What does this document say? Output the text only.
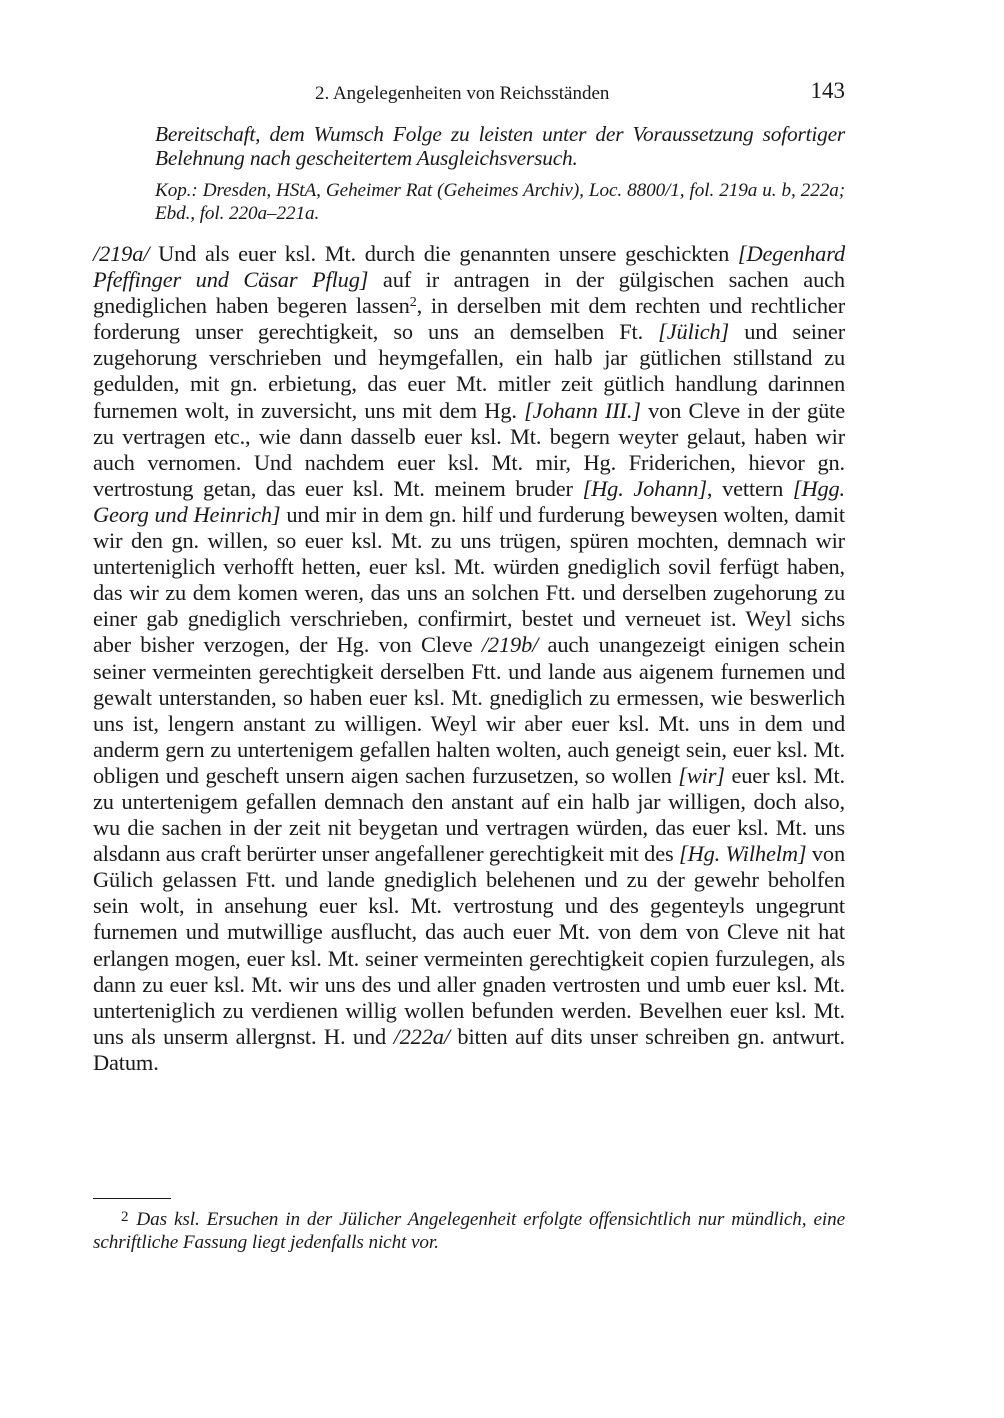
2. Angelegenheiten von Reichsständen	143
Bereitschaft, dem Wumsch Folge zu leisten unter der Voraussetzung sofortiger Belehnung nach gescheitertem Ausgleichsversuch.
Kop.: Dresden, HStA, Geheimer Rat (Geheimes Archiv), Loc. 8800/1, fol. 219a u. b, 222a; Ebd., fol. 220a–221a.
/219a/ Und als euer ksl. Mt. durch die genannten unsere geschickten [Degenhard Pfeffinger und Cäsar Pflug] auf ir antragen in der gülgischen sachen auch gnediglichen haben begeren lassen$^2$, in derselben mit dem rechten und rechtlicher forderung unser gerechtigkeit, so uns an demselben Ft. [Jülich] und seiner zugehorung verschrieben und heymgefallen, ein halb jar gütlichen stillstand zu gedulden, mit gn. erbietung, das euer Mt. mitler zeit gütlich handlung darinnen furnemen wolt, in zuversicht, uns mit dem Hg. [Johann III.] von Cleve in der güte zu vertragen etc., wie dann dasselb euer ksl. Mt. begern weyter gelaut, haben wir auch vernomen. Und nachdem euer ksl. Mt. mir, Hg. Friderichen, hievor gn. vertrostung getan, das euer ksl. Mt. meinem bruder [Hg. Johann], vettern [Hgg. Georg und Heinrich] und mir in dem gn. hilf und furderung beweysen wolten, damit wir den gn. willen, so euer ksl. Mt. zu uns trügen, spüren mochten, demnach wir unterteniglich verhofft hetten, euer ksl. Mt. würden gnediglich sovil ferfügt haben, das wir zu dem komen weren, das uns an solchen Ftt. und derselben zugehorung zu einer gab gnediglich verschrieben, confirmirt, bestet und verneuet ist. Weyl sichs aber bisher verzogen, der Hg. von Cleve /219b/ auch unangezeigt einigen schein seiner vermeinten gerechtigkeit derselben Ftt. und lande aus aigenem furnemen und gewalt unterstanden, so haben euer ksl. Mt. gnediglich zu ermessen, wie beswerlich uns ist, lengern anstant zu willigen. Weyl wir aber euer ksl. Mt. uns in dem und anderm gern zu untertenigem gefallen halten wolten, auch geneigt sein, euer ksl. Mt. obligen und gescheft unsern aigen sachen furzusetzen, so wollen [wir] euer ksl. Mt. zu untertenigem gefallen demnach den anstant auf ein halb jar willigen, doch also, wu die sachen in der zeit nit beygetan und vertragen würden, das euer ksl. Mt. uns alsdann aus craft berürter unser angefallener gerechtigkeit mit des [Hg. Wilhelm] von Gülich gelassen Ftt. und lande gnediglich belehenen und zu der gewehr beholfen sein wolt, in ansehung euer ksl. Mt. vertrostung und des gegenteyls ungegrunt furnemen und mutwillige ausflucht, das auch euer Mt. von dem von Cleve nit hat erlangen mogen, euer ksl. Mt. seiner vermeinten gerechtigkeit copien furzulegen, als dann zu euer ksl. Mt. wir uns des und aller gnaden vertrosten und umb euer ksl. Mt. unterteniglich zu verdienen willig wollen befunden werden. Bevelhen euer ksl. Mt. uns als unserm allergnst. H. und /222a/ bitten auf dits unser schreiben gn. antwurt. Datum.
$^2$ Das ksl. Ersuchen in der Jülicher Angelegenheit erfolgte offensichtlich nur mündlich, eine schriftliche Fassung liegt jedenfalls nicht vor.
